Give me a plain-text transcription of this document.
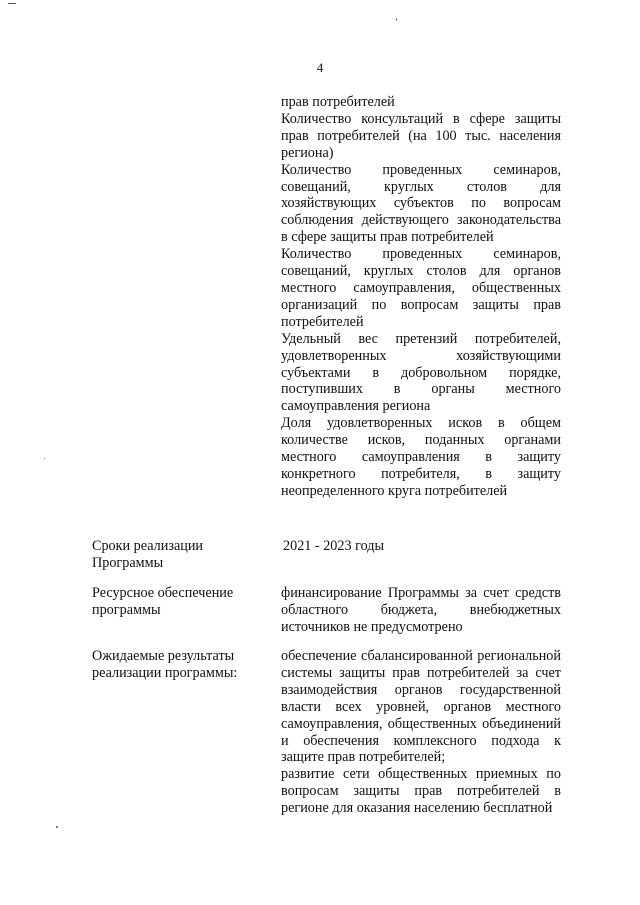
4

прав потребителей

Количество консультаций в сфере защиты прав потребителей (на 100 тыс. населения региона)

Количество проведенных семинаров, совещаний, круглых столов для хозяйствующих субъектов по вопросам соблюдения действующего законодательства в сфере защиты прав потребителей

Количество проведенных семинаров, совещаний, круглых столов для органов местного самоуправления, общественных организаций по вопросам защиты прав потребителей

Удельный вес претензий потребителей, удовлетворенных хозяйствующими субъектами в добровольном порядке, поступивших в органы местного самоуправления региона

Доля удовлетворенных исков в общем количестве исков, поданных органами местного самоуправления в защиту конкретного потребителя, в защиту неопределенного круга потребителей

Сроки реализации Программы
2021 - 2023 годы
Ресурсное обеспечение программы
финансирование Программы за счет средств областного бюджета, внебюджетных источников не предусмотрено
Ожидаемые результаты реализации программы:

обеспечение сбалансированной региональной системы защиты прав потребителей за счет взаимодействия органов государственной власти всех уровней, органов местного самоуправления, общественных объединений и обеспечения комплексного подхода к защите прав потребителей;

развитие сети общественных приемных по вопросам защиты прав потребителей в регионе для оказания населению бесплатной
